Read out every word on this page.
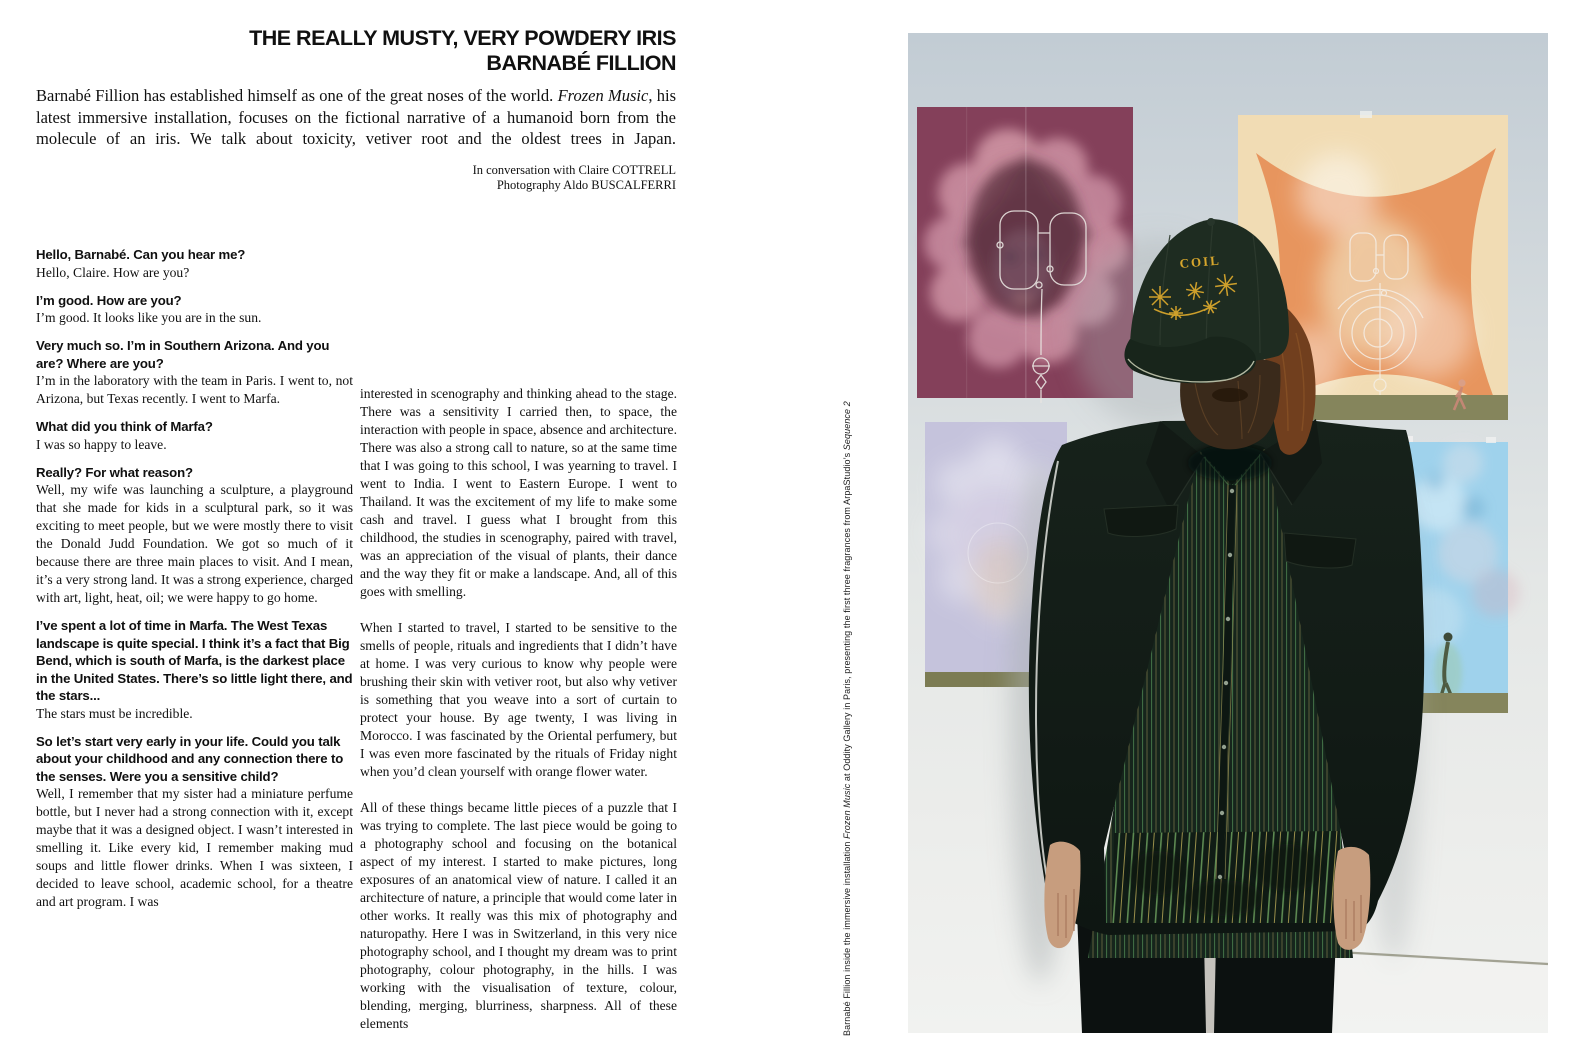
THE REALLY MUSTY, VERY POWDERY IRIS
BARNABÉ FILLION

Barnabé Fillion has established himself as one of the great noses of the world. Frozen Music, his latest immersive installation, focuses on the fictional narrative of a humanoid born from the molecule of an iris. We talk about toxicity, vetiver root and the oldest trees in Japan.

In conversation with Claire COTTRELL
Photography Aldo BUSCALFERRI

Hello, Barnabé. Can you hear me?

Hello, Claire. How are you?

I’m good. How are you?

I’m good. It looks like you are in the sun.

Very much so. I’m in Southern Arizona. And you are? Where are you?

I’m in the laboratory with the team in Paris. I went to, not Arizona, but Texas recently. I went to Marfa.

What did you think of Marfa?

I was so happy to leave.

Really? For what reason?

Well, my wife was launching a sculpture, a playground that she made for kids in a sculptural park, so it was exciting to meet people, but we were mostly there to visit the Donald Judd Foundation. We got so much of it because there are three main places to visit. And I mean, it’s a very strong land. It was a strong experience, charged with art, light, heat, oil; we were happy to go home.

I’ve spent a lot of time in Marfa. The West Texas landscape is quite special. I think it’s a fact that Big Bend, which is south of Marfa, is the darkest place in the United States. There’s so little light there, and the stars...

The stars must be incredible.

So let’s start very early in your life. Could you talk about your childhood and any connection there to the senses. Were you a sensitive child?

Well, I remember that my sister had a miniature perfume bottle, but I never had a strong connection with it, except maybe that it was a designed object. I wasn’t interested in smelling it. Like every kid, I remember making mud soups and little flower drinks. When I was sixteen, I decided to leave school, academic school, for a theatre and art program. I was

interested in scenography and thinking ahead to the stage. There was a sensitivity I carried then, to space, the interaction with people in space, absence and architecture. There was also a strong call to nature, so at the same time that I was going to this school, I was yearning to travel. I went to India. I went to Eastern Europe. I went to Thailand. It was the excitement of my life to make some cash and travel. I guess what I brought from this childhood, the studies in scenography, paired with travel, was an appreciation of the visual of plants, their dance and the way they fit or make a landscape. And, all of this goes with smelling.

When I started to travel, I started to be sensitive to the smells of people, rituals and ingredients that I didn’t have at home. I was very curious to know why people were brushing their skin with vetiver root, but also why vetiver is something that you weave into a sort of curtain to protect your house. By age twenty, I was living in Morocco. I was fascinated by the Oriental perfumery, but I was even more fascinated by the rituals of Friday night when you’d clean yourself with orange flower water.

All of these things became little pieces of a puzzle that I was trying to complete. The last piece would be going to a photography school and focusing on the botanical aspect of my interest. I started to make pictures, long exposures of an anatomical view of nature. I called it an architecture of nature, a principle that would come later in other works. It really was this mix of photography and naturopathy. Here I was in Switzerland, in this very nice photography school, and I thought my dream was to print photography, colour photography, in the hills. I was working with the visualisation of texture, colour, blending, merging, blurriness, sharpness. All of these elements	Barnabé Fillion inside the immersive installation Frozen Music at Oddity Gallery in Paris, presenting the first three fragrances from ArpaStudio’s Sequence 2
COIL
